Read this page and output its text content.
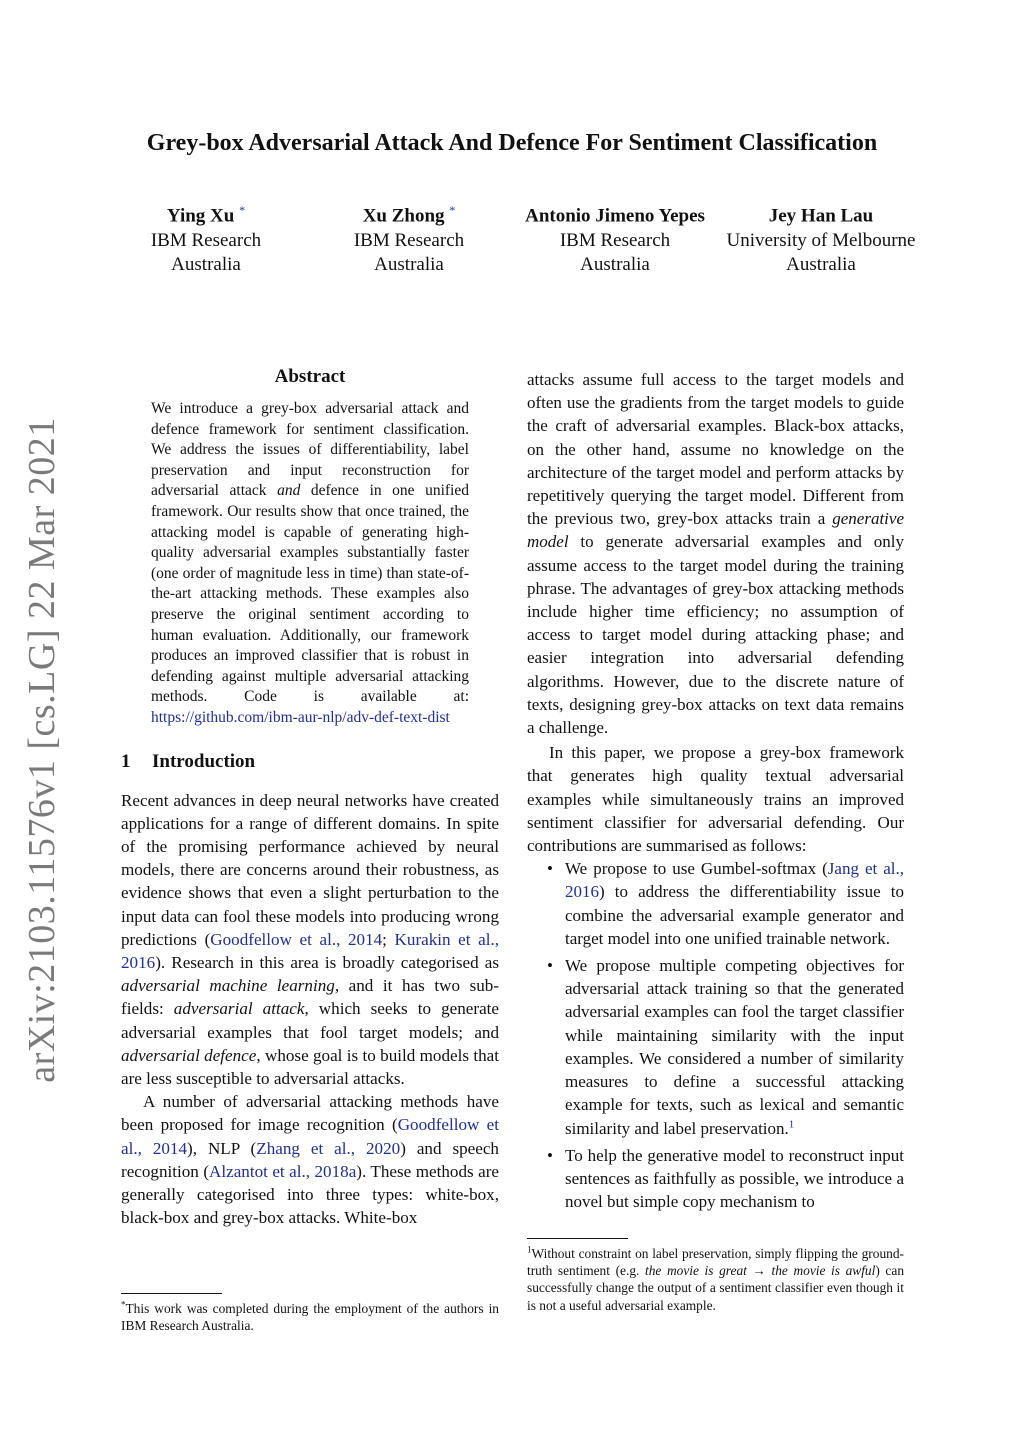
arXiv:2103.11576v1 [cs.LG] 22 Mar 2021
Grey-box Adversarial Attack And Defence For Sentiment Classification
Ying Xu *
IBM Research
Australia
Xu Zhong *
IBM Research
Australia
Antonio Jimeno Yepes
IBM Research
Australia
Jey Han Lau
University of Melbourne
Australia
Abstract

We introduce a grey-box adversarial attack and defence framework for sentiment classification. We address the issues of differentiability, label preservation and input reconstruction for adversarial attack and defence in one unified framework. Our results show that once trained, the attacking model is capable of generating high-quality adversarial examples substantially faster (one order of magnitude less in time) than state-of-the-art attacking methods. These examples also preserve the original sentiment according to human evaluation. Additionally, our framework produces an improved classifier that is robust in defending against multiple adversarial attacking methods. Code is available at: https://github.com/ibm-aur-nlp/adv-def-text-dist

1 Introduction

Recent advances in deep neural networks have created applications for a range of different domains. In spite of the promising performance achieved by neural models, there are concerns around their robustness, as evidence shows that even a slight perturbation to the input data can fool these models into producing wrong predictions (Goodfellow et al., 2014; Kurakin et al., 2016). Research in this area is broadly categorised as adversarial machine learning, and it has two sub-fields: adversarial attack, which seeks to generate adversarial examples that fool target models; and adversarial defence, whose goal is to build models that are less susceptible to adversarial attacks.

A number of adversarial attacking methods have been proposed for image recognition (Goodfellow et al., 2014), NLP (Zhang et al., 2020) and speech recognition (Alzantot et al., 2018a). These methods are generally categorised into three types: white-box, black-box and grey-box attacks. White-box

attacks assume full access to the target models and often use the gradients from the target models to guide the craft of adversarial examples. Black-box attacks, on the other hand, assume no knowledge on the architecture of the target model and perform attacks by repetitively querying the target model. Different from the previous two, grey-box attacks train a generative model to generate adversarial examples and only assume access to the target model during the training phrase. The advantages of grey-box attacking methods include higher time efficiency; no assumption of access to target model during attacking phase; and easier integration into adversarial defending algorithms. However, due to the discrete nature of texts, designing grey-box attacks on text data remains a challenge.

In this paper, we propose a grey-box framework that generates high quality textual adversarial examples while simultaneously trains an improved sentiment classifier for adversarial defending. Our contributions are summarised as follows:

• We propose to use Gumbel-softmax (Jang et al., 2016) to address the differentiability issue to combine the adversarial example generator and target model into one unified trainable network.
• We propose multiple competing objectives for adversarial attack training so that the generated adversarial examples can fool the target classifier while maintaining similarity with the input examples. We considered a number of similarity measures to define a successful attacking example for texts, such as lexical and semantic similarity and label preservation.$^1$
• To help the generative model to reconstruct input sentences as faithfully as possible, we introduce a novel but simple copy mechanism to

*This work was completed during the employment of the authors in IBM Research Australia.

$^1$Without constraint on label preservation, simply flipping the ground-truth sentiment (e.g. the movie is great → the movie is awful) can successfully change the output of a sentiment classifier even though it is not a useful adversarial example.
